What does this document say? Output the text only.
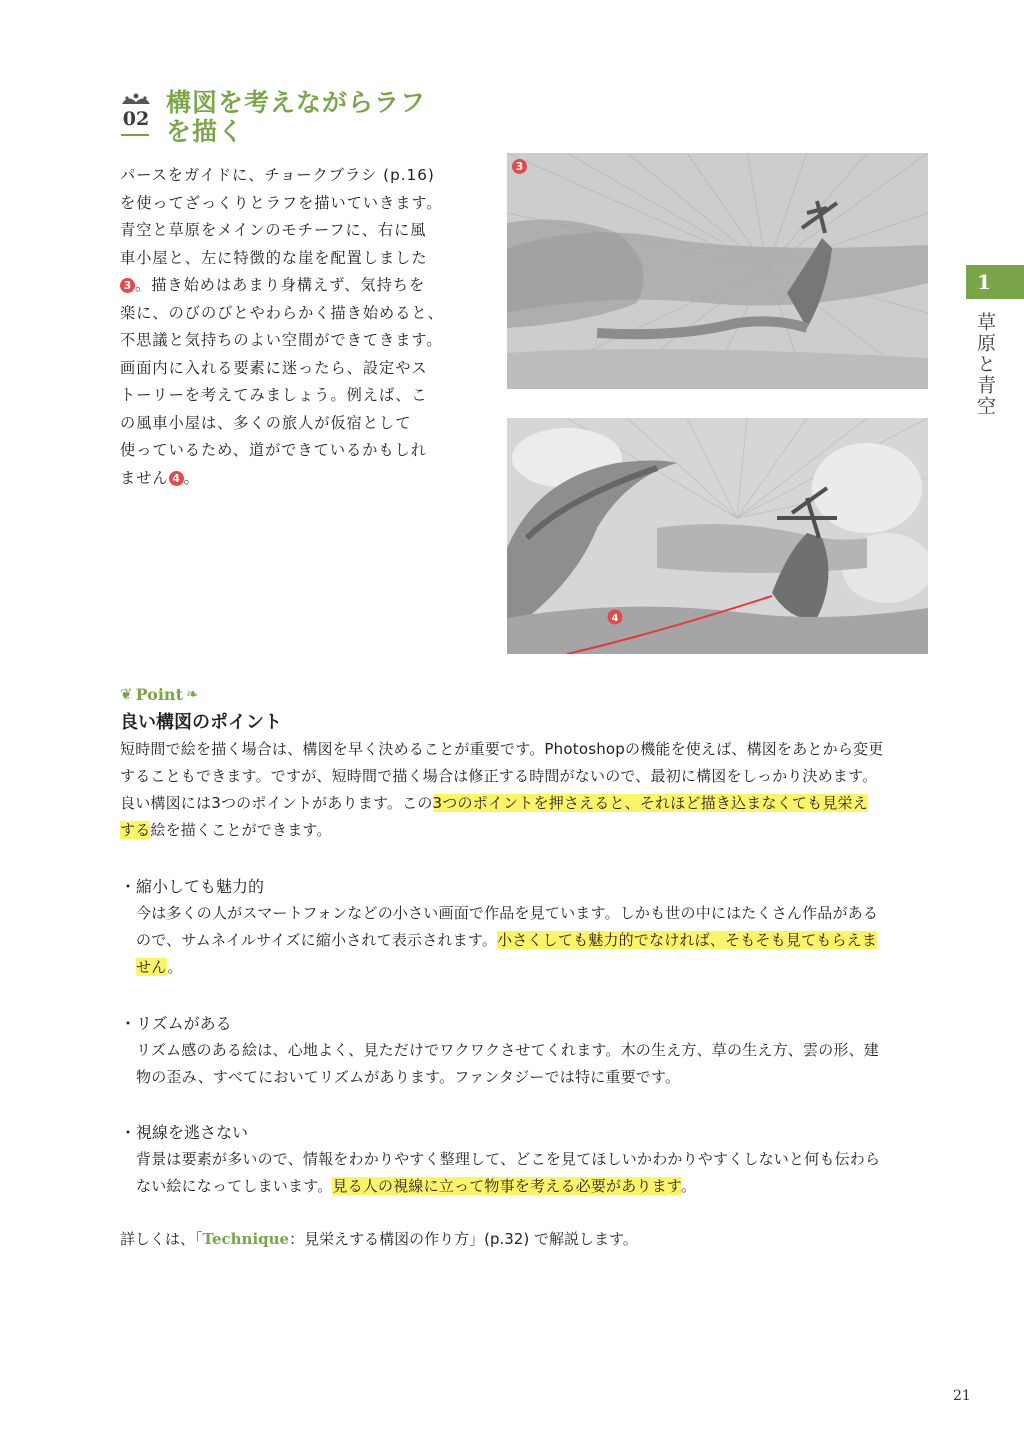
02
構図を考えながらラフ
を描く
パースをガイドに、チョークブラシ (p.16)
を使ってざっくりとラフを描いていきます。
青空と草原をメインのモチーフに、右に風
車小屋と、左に特徴的な崖を配置しました
3 。描き始めはあまり身構えず、気持ちを
楽に、のびのびとやわらかく描き始めると、
不思議と気持ちのよい空間ができてきます。
画面内に入れる要素に迷ったら、設定やス
トーリーを考えてみましょう。例えば、こ
の風車小屋は、多くの旅人が仮宿として
使っているため、道ができているかもしれ
ません 4 。
3
4
1
草原と青空
❦ Point ❧
良い構図のポイント
短時間で絵を描く場合は、構図を早く決めることが重要です。Photoshopの機能を使えば、構図をあとから変更
することもできます。ですが、短時間で描く場合は修正する時間がないので、最初に構図をしっかり決めます。
良い構図には3つのポイントがあります。この3つのポイントを押さえると、それほど描き込まなくても見栄え
する絵を描くことができます。
・縮小しても魅力的
今は多くの人がスマートフォンなどの小さい画面で作品を見ています。しかも世の中にはたくさん作品がある
ので、サムネイルサイズに縮小されて表示されます。小さくしても魅力的でなければ、そもそも見てもらえま
せん。
・リズムがある
リズム感のある絵は、心地よく、見ただけでワクワクさせてくれます。木の生え方、草の生え方、雲の形、建
物の歪み、すべてにおいてリズムがあります。ファンタジーでは特に重要です。
・視線を逃さない
背景は要素が多いので、情報をわかりやすく整理して、どこを見てほしいかわかりやすくしないと何も伝わら
ない絵になってしまいます。見る人の視線に立って物事を考える必要があります。
詳しくは、「Technique：見栄えする構図の作り方」(p.32) で解説します。
21
